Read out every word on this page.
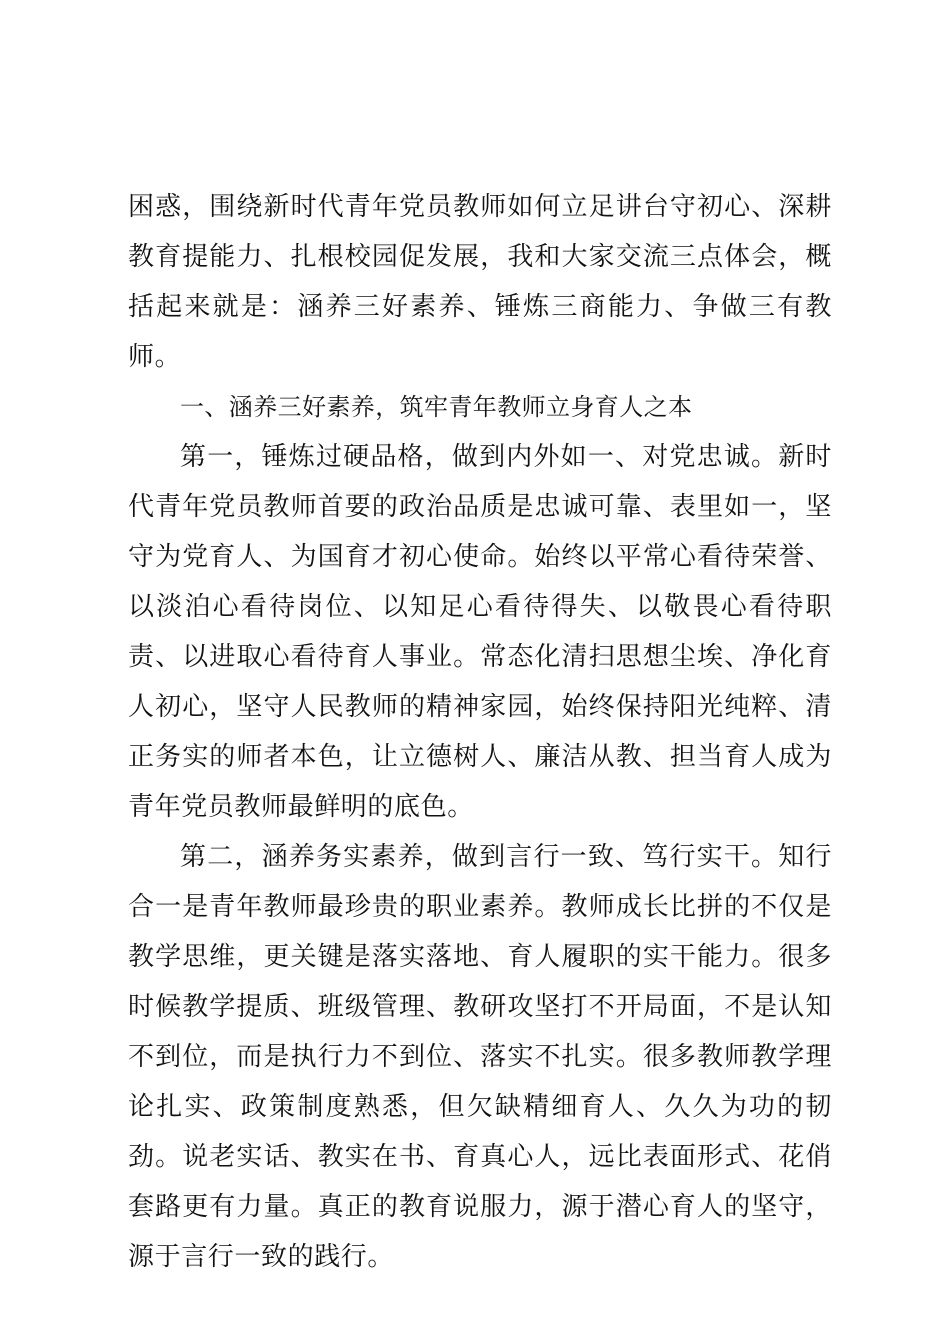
困惑，围绕新时代青年党员教师如何立足讲台守初心、深耕教育提能力、扎根校园促发展，我和大家交流三点体会，概括起来就是：涵养三好素养、锤炼三商能力、争做三有教师。

一、涵养三好素养，筑牢青年教师立身育人之本

第一，锤炼过硬品格，做到内外如一、对党忠诚。新时代青年党员教师首要的政治品质是忠诚可靠、表里如一，坚守为党育人、为国育才初心使命。始终以平常心看待荣誉、以淡泊心看待岗位、以知足心看待得失、以敬畏心看待职责、以进取心看待育人事业。常态化清扫思想尘埃、净化育人初心，坚守人民教师的精神家园，始终保持阳光纯粹、清正务实的师者本色，让立德树人、廉洁从教、担当育人成为青年党员教师最鲜明的底色。

第二，涵养务实素养，做到言行一致、笃行实干。知行合一是青年教师最珍贵的职业素养。教师成长比拼的不仅是教学思维，更关键是落实落地、育人履职的实干能力。很多时候教学提质、班级管理、教研攻坚打不开局面，不是认知不到位，而是执行力不到位、落实不扎实。很多教师教学理论扎实、政策制度熟悉，但欠缺精细育人、久久为功的韧劲。说老实话、教实在书、育真心人，远比表面形式、花俏套路更有力量。真正的教育说服力，源于潜心育人的坚守，源于言行一致的践行。
